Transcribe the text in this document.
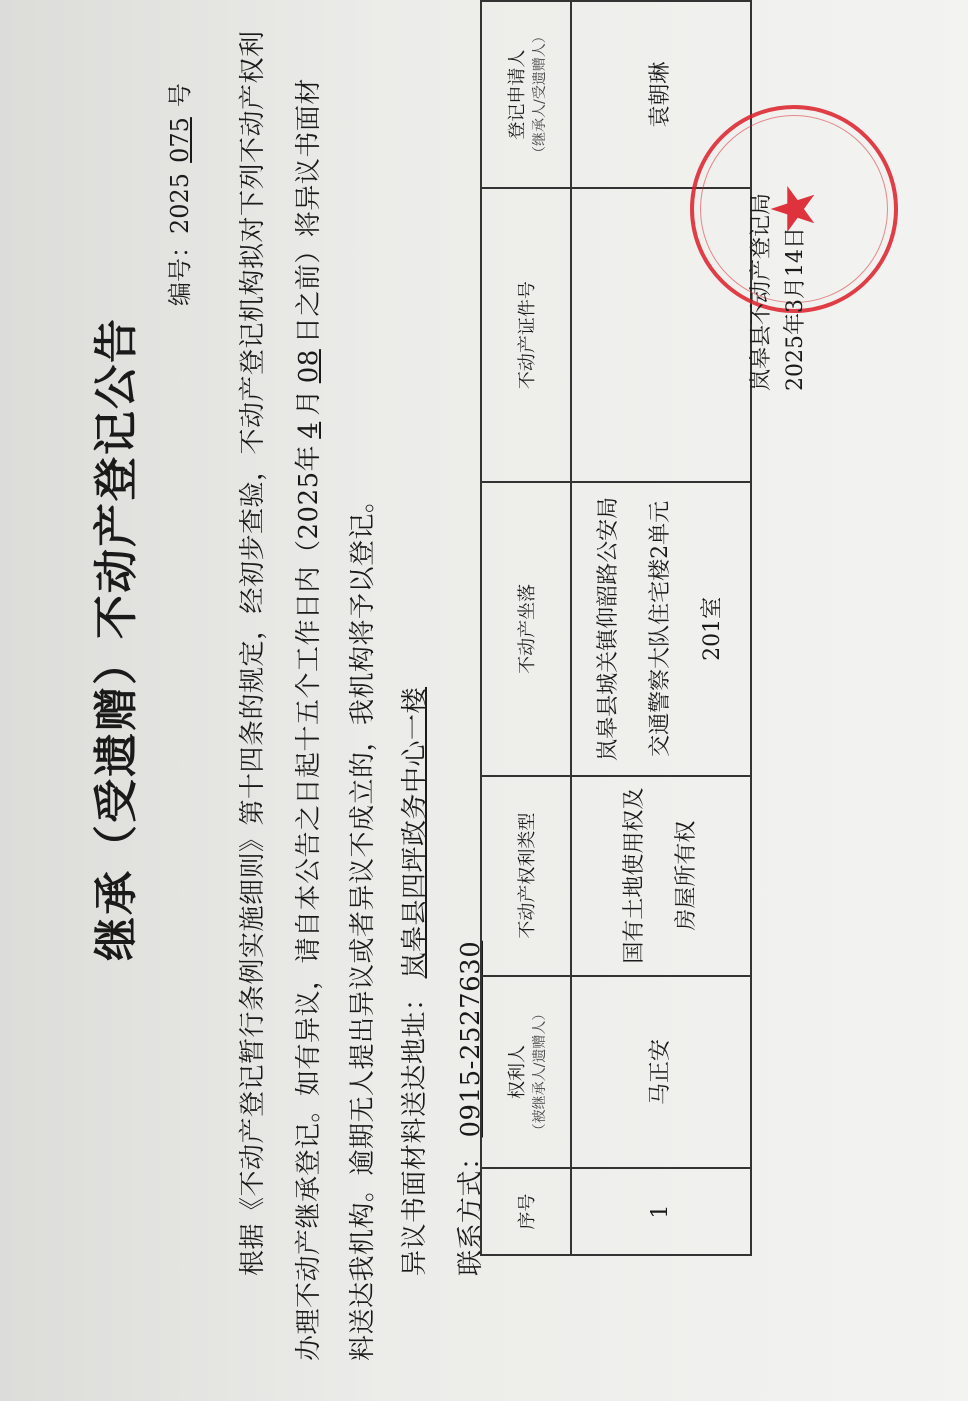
继承（受遗赠）不动产登记公告
编号：2025075号 根据《不动产登记暂行条例实施细则》第十四条的规定，经初步查验，不动产登记机构拟对下列不动产权利 办理不动产继承登记。如有异议，请自本公告之日起十五个工作日内（2025年4月08日之前）将异议书面材
料送达我机构。逾期无人提出异议或者异议不成立的，我机构将予以登记。 异议书面材料送达地址：岚皋县四坪政务中心一楼
联系方式：0915-2527630
序号	权利人 （被继承人/遗赠人）	不动产权利类型	不动产坐落	不动产证件号	登记申请人 （继承人/受遗赠人）

1	马正安	国有土地使用权及房屋所有权	岚皋县城关镇仰韶路公安局交通警察大队住宅楼2单元201室		袁朝琳
★
岚皋县不动产登记局 2025年3月14日
